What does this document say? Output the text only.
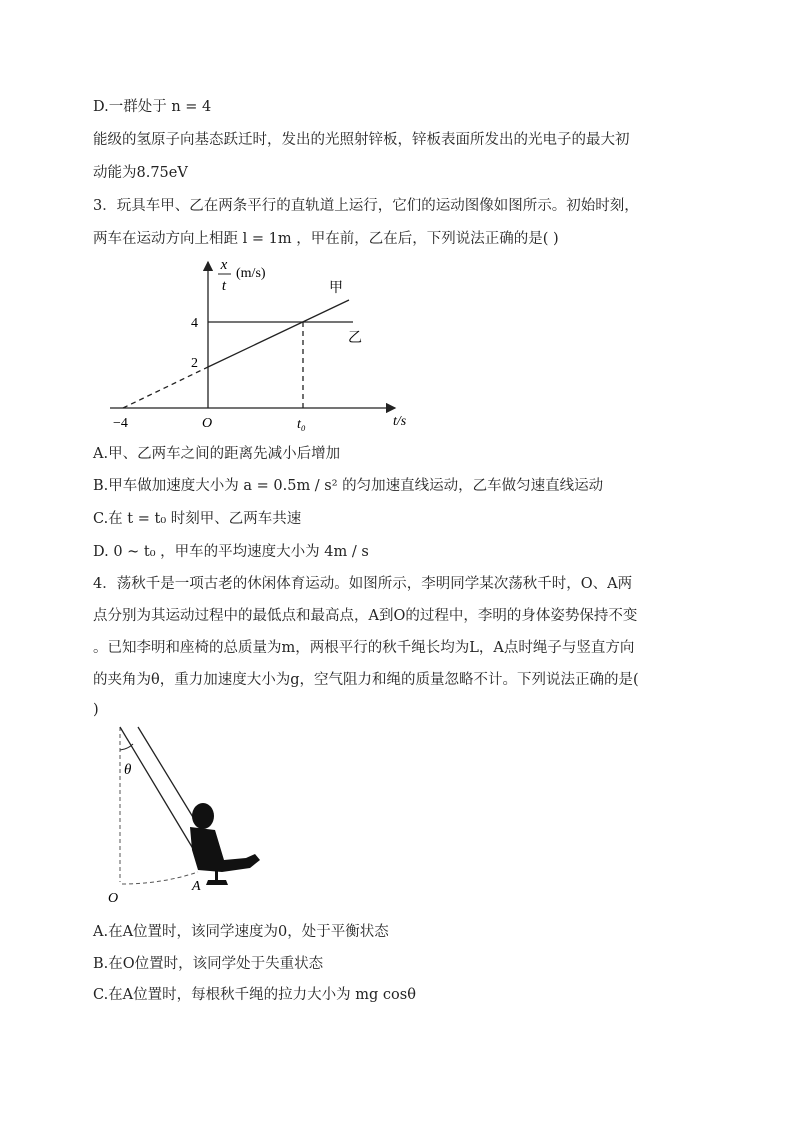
D.一群处于 n = 4
能级的氢原子向基态跃迁时，发出的光照射锌板，锌板表面所发出的光电子的最大初
动能为8.75eV
3．玩具车甲、乙在两条平行的直轨道上运行，它们的运动图像如图所示。初始时刻，
两车在运动方向上相距 l = 1m ，甲在前，乙在后，下列说法正确的是( )
x
t
(m/s)
4
2
−4	O	t₀	t/s
甲
乙
A.甲、乙两车之间的距离先减小后增加
B.甲车做加速度大小为 a = 0.5m / s² 的匀加速直线运动，乙车做匀速直线运动
C.在 t = t₀ 时刻甲、乙两车共速
D. 0 ~ t₀ ，甲车的平均速度大小为 4m / s
4．荡秋千是一项古老的休闲体育运动。如图所示，李明同学某次荡秋千时，O、A两
点分别为其运动过程中的最低点和最高点，A到O的过程中，李明的身体姿势保持不变
。已知李明和座椅的总质量为m，两根平行的秋千绳长均为L，A点时绳子与竖直方向
的夹角为θ，重力加速度大小为g，空气阻力和绳的质量忽略不计。下列说法正确的是(
)
θ
O
A
A.在A位置时，该同学速度为0，处于平衡状态
B.在O位置时，该同学处于失重状态
C.在A位置时，每根秋千绳的拉力大小为 mg cosθ
